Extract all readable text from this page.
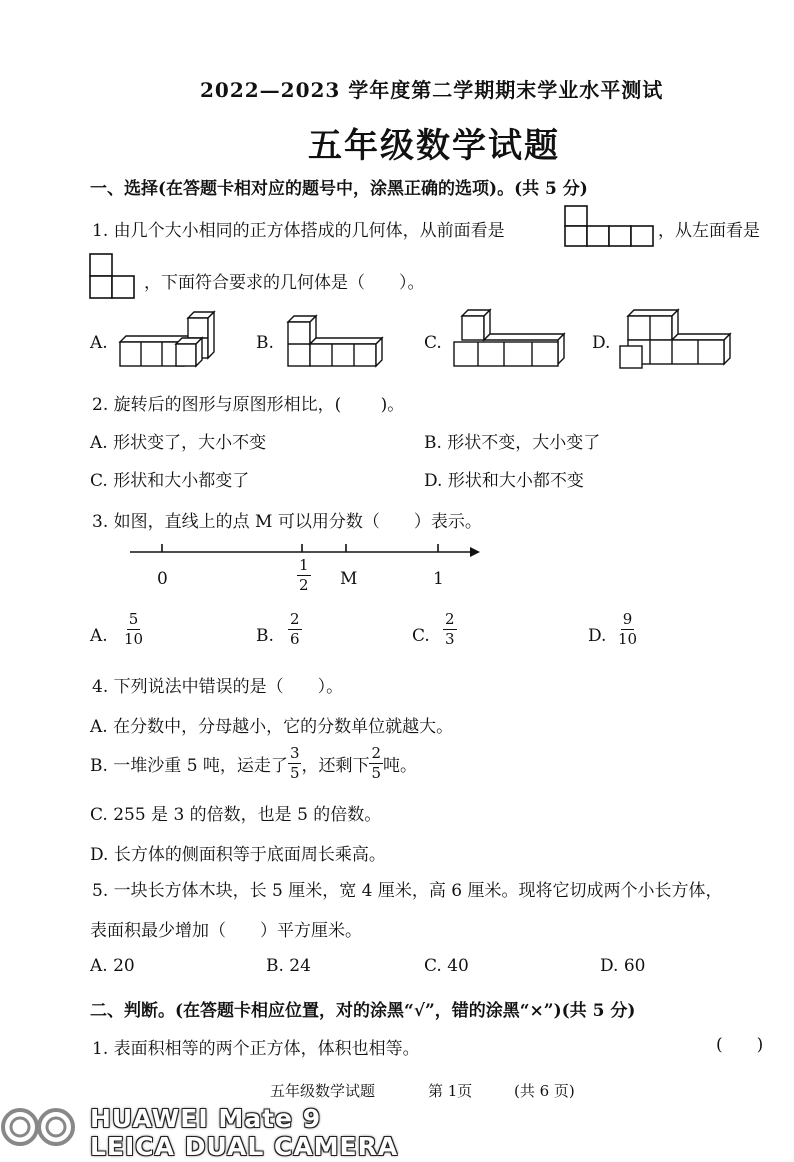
2022—2023 学年度第二学期期末学业水平测试
五年级数学试题
一、选择(在答题卡相对应的题号中，涂黑正确的选项)。(共 5 分)
1. 由几个大小相同的正方体搭成的几何体，从前面看是	，从左面看是
，下面符合要求的几何体是（　　）。
A.	B.	C.	D.
2. 旋转后的图形与原图形相比，(　　 )。
A. 形状变了，大小不变	B. 形状不变，大小变了
C. 形状和大小都变了	D. 形状和大小都不变
3. 如图，直线上的点 M 可以用分数（　　）表示。
0	$\frac{1}{2}$ M	1
A. $\frac{5}{10}$	B. $\frac{2}{6}$	C. $\frac{2}{3}$	D. $\frac{9}{10}$
4. 下列说法中错误的是（　　）。
A. 在分数中，分母越小，它的分数单位就越大。
B. 一堆沙重 5 吨，运走了 $\frac{3}{5}$ ，还剩下 $\frac{2}{5}$ 吨。
C. 255 是 3 的倍数，也是 5 的倍数。
D. 长方体的侧面积等于底面周长乘高。
5. 一块长方体木块，长 5 厘米，宽 4 厘米，高 6 厘米。现将它切成两个小长方体，
表面积最少增加（　　）平方厘米。
A. 20	B. 24	C. 40	D. 60
二、判断。(在答题卡相应位置，对的涂黑“√”，错的涂黑“×”)(共 5 分)
1. 表面积相等的两个正方体，体积也相等。	(　　)
五年级数学试题	第 1页	(共 6 页)
HUAWEI Mate 9
LEICA DUAL CAMERA
